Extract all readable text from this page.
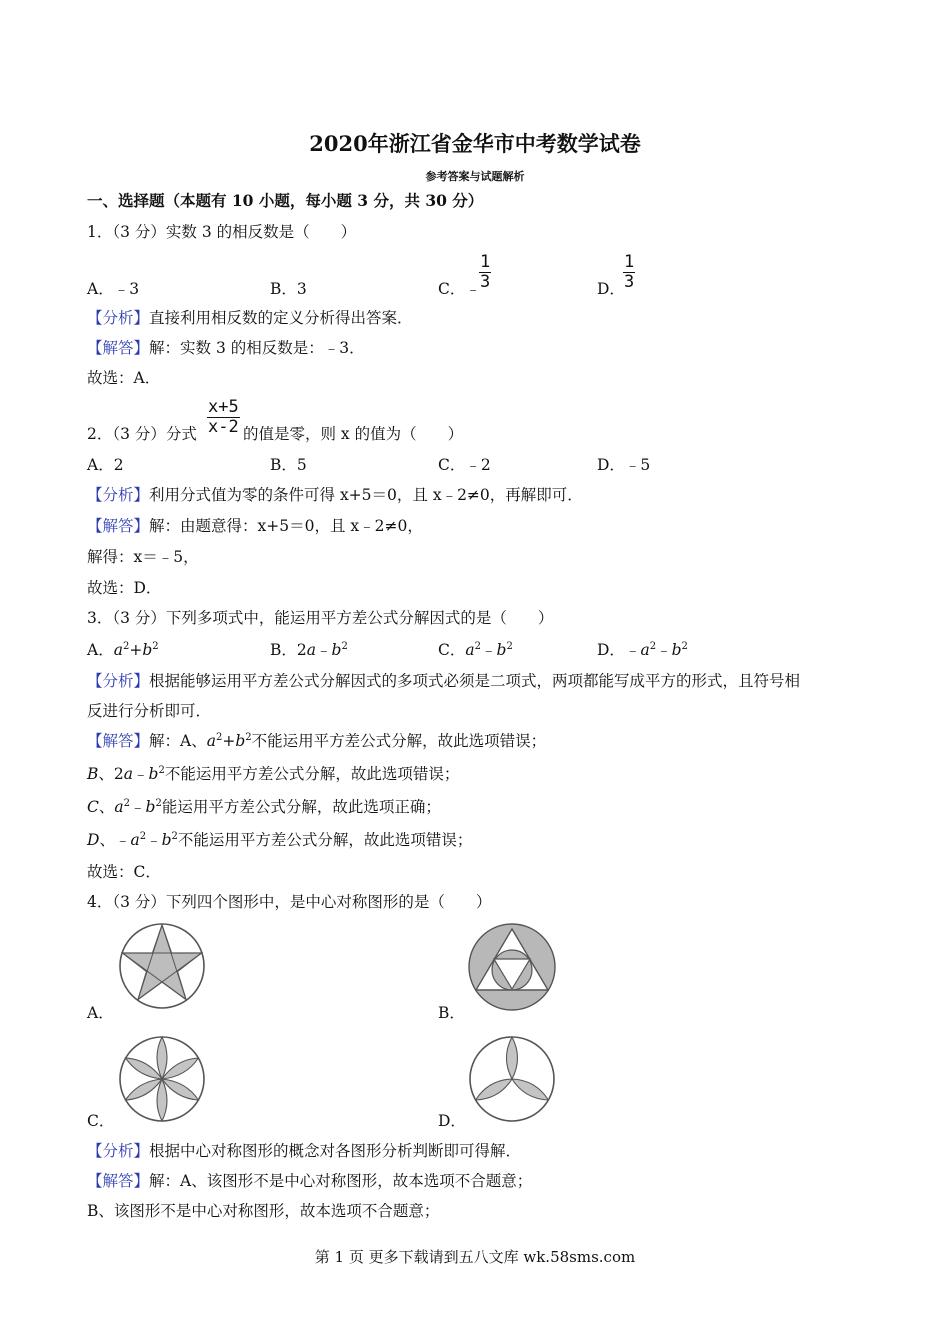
2020年浙江省金华市中考数学试卷
参考答案与试题解析
一、选择题（本题有 10 小题，每小题 3 分，共 30 分）
1．（3 分）实数 3 的相反数是（　　）
A．﹣3	B．3	C．﹣
$\frac{1}{3}$	D．
$\frac{1}{3}$
【分析】直接利用相反数的定义分析得出答案．
【解答】解：实数 3 的相反数是：﹣3．
故选：A．
2．（3 分）分式 $\frac{x+5}{x-2}$ 的值是零，则 x 的值为（　　）
A．2	B．5	C．﹣2	D．﹣5
【分析】利用分式值为零的条件可得 x+5＝0，且 x﹣2≠0，再解即可．
【解答】解：由题意得：x+5＝0，且 x﹣2≠0，
解得：x＝﹣5，
故选：D．
3．（3 分）下列多项式中，能运用平方差公式分解因式的是（　　）
A．$a^2+b^2$	B．$2a﹣b^2$	C．$a^2﹣b^2$	D．$﹣a^2﹣b^2$
【分析】根据能够运用平方差公式分解因式的多项式必须是二项式，两项都能写成平方的形式，且符号相
反进行分析即可．
【解答】解：A、$a^2+b^2$不能运用平方差公式分解，故此选项错误；
B、$2a﹣b^2$不能运用平方差公式分解，故此选项错误；
C、$a^2﹣b^2$能运用平方差公式分解，故此选项正确；
D、$﹣a^2﹣b^2$不能运用平方差公式分解，故此选项错误；
故选：C．
4．（3 分）下列四个图形中，是中心对称图形的是（　　）
A．	B．
C．	D．
【分析】根据中心对称图形的概念对各图形分析判断即可得解．
【解答】解：A、该图形不是中心对称图形，故本选项不合题意；
B、该图形不是中心对称图形，故本选项不合题意；
第 1 页 更多下载请到五八文库 wk.58sms.com
